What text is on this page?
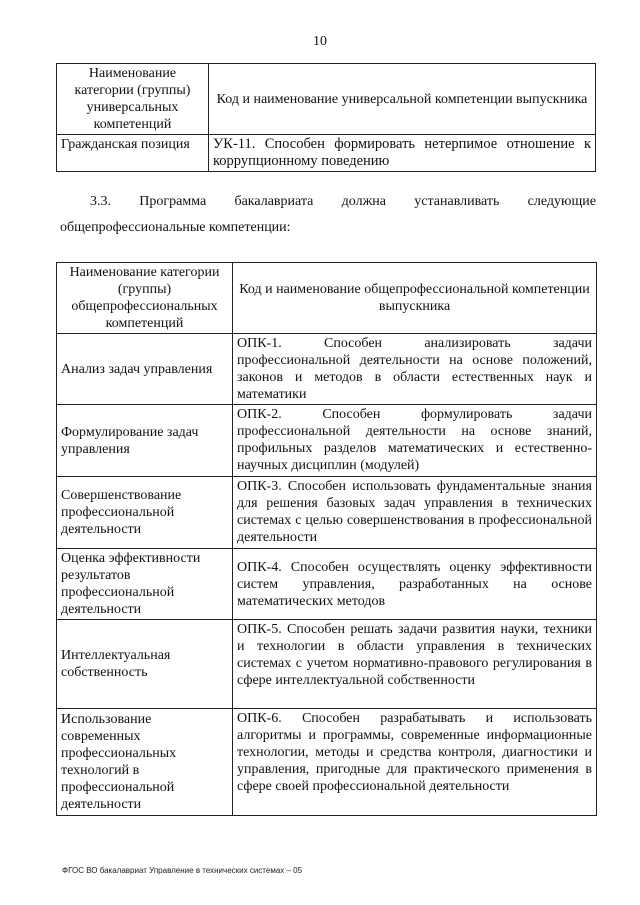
10
Наименование категории (группы) универсальных компетенций	Код и наименование универсальной компетенции выпускника
Гражданская позиция	УК-11. Способен формировать нетерпимое отношение к коррупционному поведению
3.3. Программа бакалавриата должна устанавливать следующие
общепрофессиональные компетенции:
Наименование категории (группы) общепрофессиональных компетенций	Код и наименование общепрофессиональной компетенции выпускника
Анализ задач управления	ОПК-1. Способен анализировать задачи профессиональной деятельности на основе положений, законов и методов в области естественных наук и математики
Формулирование задач управления	ОПК-2. Способен формулировать задачи профессиональной деятельности на основе знаний, профильных разделов математических и естественно-научных дисциплин (модулей)
Совершенствование профессиональной деятельности	ОПК-3. Способен использовать фундаментальные знания для решения базовых задач управления в технических системах с целью совершенствования в профессиональной деятельности
Оценка эффективности результатов профессиональной деятельности	ОПК-4. Способен осуществлять оценку эффективности систем управления, разработанных на основе математических методов
Интеллектуальная собственность	ОПК-5. Способен решать задачи развития науки, техники и технологии в области управления в технических системах с учетом нормативно-правового регулирования в сфере интеллектуальной собственности
Использование современных профессиональных технологий в профессиональной деятельности	ОПК-6. Способен разрабатывать и использовать алгоритмы и программы, современные информационные технологии, методы и средства контроля, диагностики и управления, пригодные для практического применения в сфере своей профессиональной деятельности
ФГОС ВО бакалавриат Управление в технических системах – 05
